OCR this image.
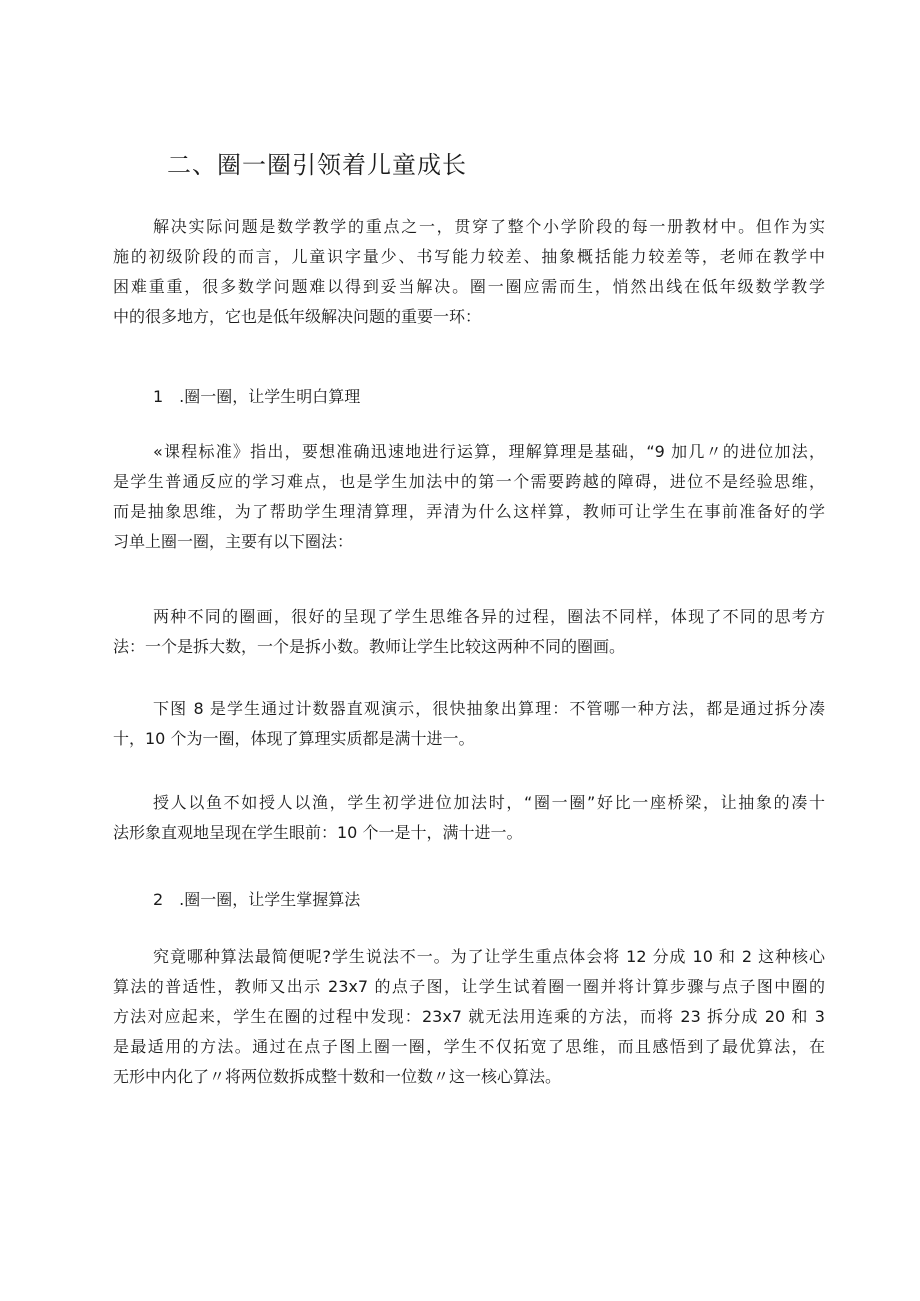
二、圈一圈引领着儿童成长
解决实际问题是数学教学的重点之一，贯穿了整个小学阶段的每一册教材中。但作为实
施的初级阶段的而言，儿童识字量少、书写能力较差、抽象概括能力较差等，老师在教学中
困难重重，很多数学问题难以得到妥当解决。圈一圈应需而生，悄然出线在低年级数学教学
中的很多地方，它也是低年级解决问题的重要一环：
1　.圈一圈，让学生明白算理
«课程标准》指出，要想准确迅速地进行运算，理解算理是基础，“9 加几〃的进位加法，
是学生普通反应的学习难点，也是学生加法中的第一个需要跨越的障碍，进位不是经验思维，
而是抽象思维，为了帮助学生理清算理，弄清为什么这样算，教师可让学生在事前准备好的学
习单上圈一圈，主要有以下圈法：
两种不同的圈画，很好的呈现了学生思维各异的过程，圈法不同样，体现了不同的思考方
法：一个是拆大数，一个是拆小数。教师让学生比较这两种不同的圈画。
下图 8 是学生通过计数器直观演示，很快抽象出算理：不管哪一种方法，都是通过拆分凑
十，10 个为一圈，体现了算理实质都是满十进一。
授人以鱼不如授人以渔，学生初学进位加法时，“圈一圈”好比一座桥梁，让抽象的凑十
法形象直观地呈现在学生眼前：10 个一是十，满十进一。
2　.圈一圈，让学生掌握算法
究竟哪种算法最简便呢?学生说法不一。为了让学生重点体会将 12 分成 10 和 2 这种核心
算法的普适性，教师又出示 23x7 的点子图，让学生试着圈一圈并将计算步骤与点子图中圈的
方法对应起来，学生在圈的过程中发现：23x7 就无法用连乘的方法，而将 23 拆分成 20 和 3
是最适用的方法。通过在点子图上圈一圈，学生不仅拓宽了思维，而且感悟到了最优算法，在
无形中内化了〃将两位数拆成整十数和一位数〃这一核心算法。
